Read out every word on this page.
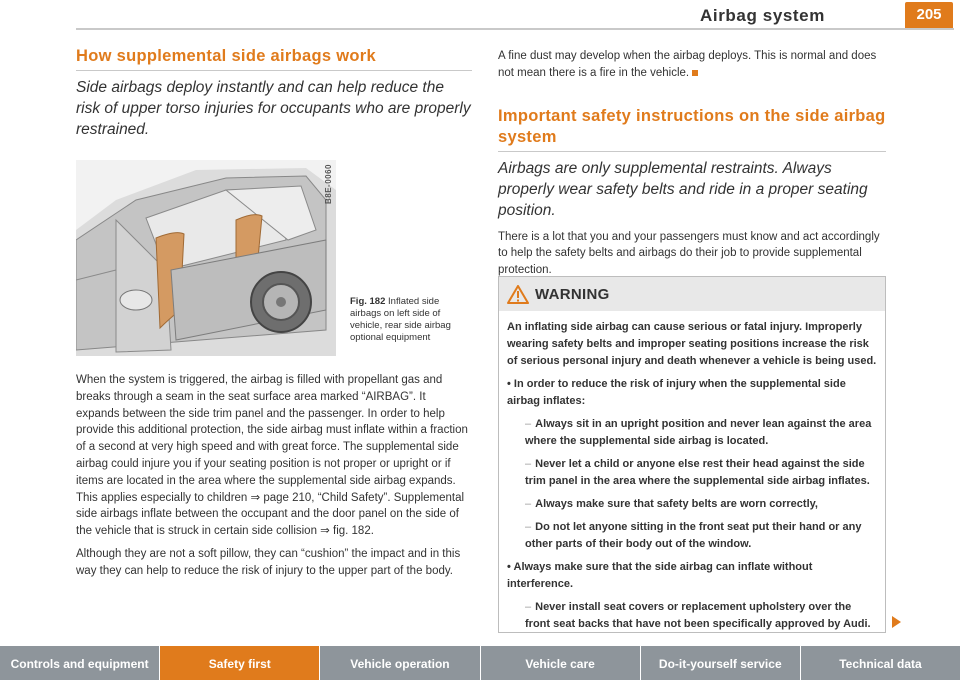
Airbag system	205
How supplemental side airbags work
Side airbags deploy instantly and can help reduce the risk of upper torso injuries for occupants who are properly restrained.
B8E-0060
Fig. 182 Inflated side airbags on left side of vehicle, rear side airbag optional equipment

When the system is triggered, the airbag is filled with propellant gas and breaks through a seam in the seat surface area marked “AIRBAG”. It expands between the side trim panel and the passenger. In order to help provide this additional protection, the side airbag must inflate within a fraction of a second at very high speed and with great force. The supplemental side airbag could injure you if your seating position is not proper or upright or if items are located in the area where the supplemental side airbag expands. This applies especially to children ⇒ page 210, “Child Safety”. Supplemental side airbags inflate between the occupant and the door panel on the side of the vehicle that is struck in certain side collision ⇒ fig. 182.

Although they are not a soft pillow, they can “cushion” the impact and in this way they can help to reduce the risk of injury to the upper part of the body.

A fine dust may develop when the airbag deploys. This is normal and does not mean there is a fire in the vehicle.

Important safety instructions on the side airbag system
Airbags are only supplemental restraints. Always properly wear safety belts and ride in a proper seating position.

There is a lot that you and your passengers must know and act accordingly to help the safety belts and airbags do their job to provide supplemental protection.

WARNING

An inflating side airbag can cause serious or fatal injury. Improperly wearing safety belts and improper seating positions increase the risk of serious personal injury and death whenever a vehicle is being used.

• In order to reduce the risk of injury when the supplemental side airbag inflates:

– Always sit in an upright position and never lean against the area where the supplemental side airbag is located.

– Never let a child or anyone else rest their head against the side trim panel in the area where the supplemental side airbag inflates.

– Always make sure that safety belts are worn correctly,

– Do not let anyone sitting in the front seat put their hand or any other parts of their body out of the window.

• Always make sure that the side airbag can inflate without interference.

– Never install seat covers or replacement upholstery over the front seat backs that have not been specifically approved by Audi.

Controls and equipment	Safety first	Vehicle operation	Vehicle care	Do-it-yourself service	Technical data
